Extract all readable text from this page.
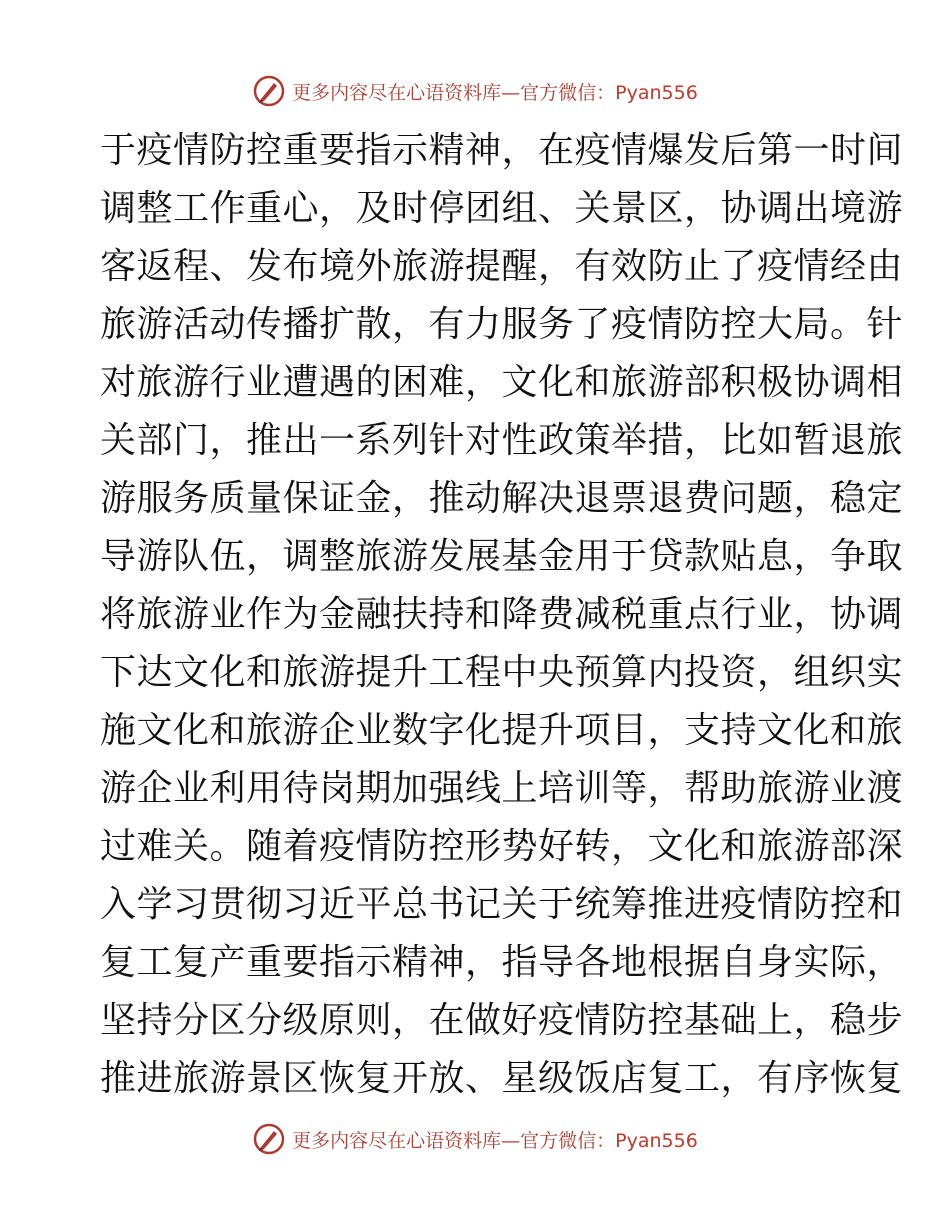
更多内容尽在心语资料库—官方微信：Pyan556
于疫情防控重要指示精神，在疫情爆发后第一时间
调整工作重心，及时停团组、关景区，协调出境游
客返程、发布境外旅游提醒，有效防止了疫情经由
旅游活动传播扩散，有力服务了疫情防控大局。针
对旅游行业遭遇的困难，文化和旅游部积极协调相
关部门，推出一系列针对性政策举措，比如暂退旅
游服务质量保证金，推动解决退票退费问题，稳定
导游队伍，调整旅游发展基金用于贷款贴息，争取
将旅游业作为金融扶持和降费减税重点行业，协调
下达文化和旅游提升工程中央预算内投资，组织实
施文化和旅游企业数字化提升项目，支持文化和旅
游企业利用待岗期加强线上培训等，帮助旅游业渡
过难关。随着疫情防控形势好转，文化和旅游部深
入学习贯彻习近平总书记关于统筹推进疫情防控和
复工复产重要指示精神，指导各地根据自身实际，
坚持分区分级原则，在做好疫情防控基础上，稳步
推进旅游景区恢复开放、星级饭店复工，有序恢复
更多内容尽在心语资料库—官方微信：Pyan556
